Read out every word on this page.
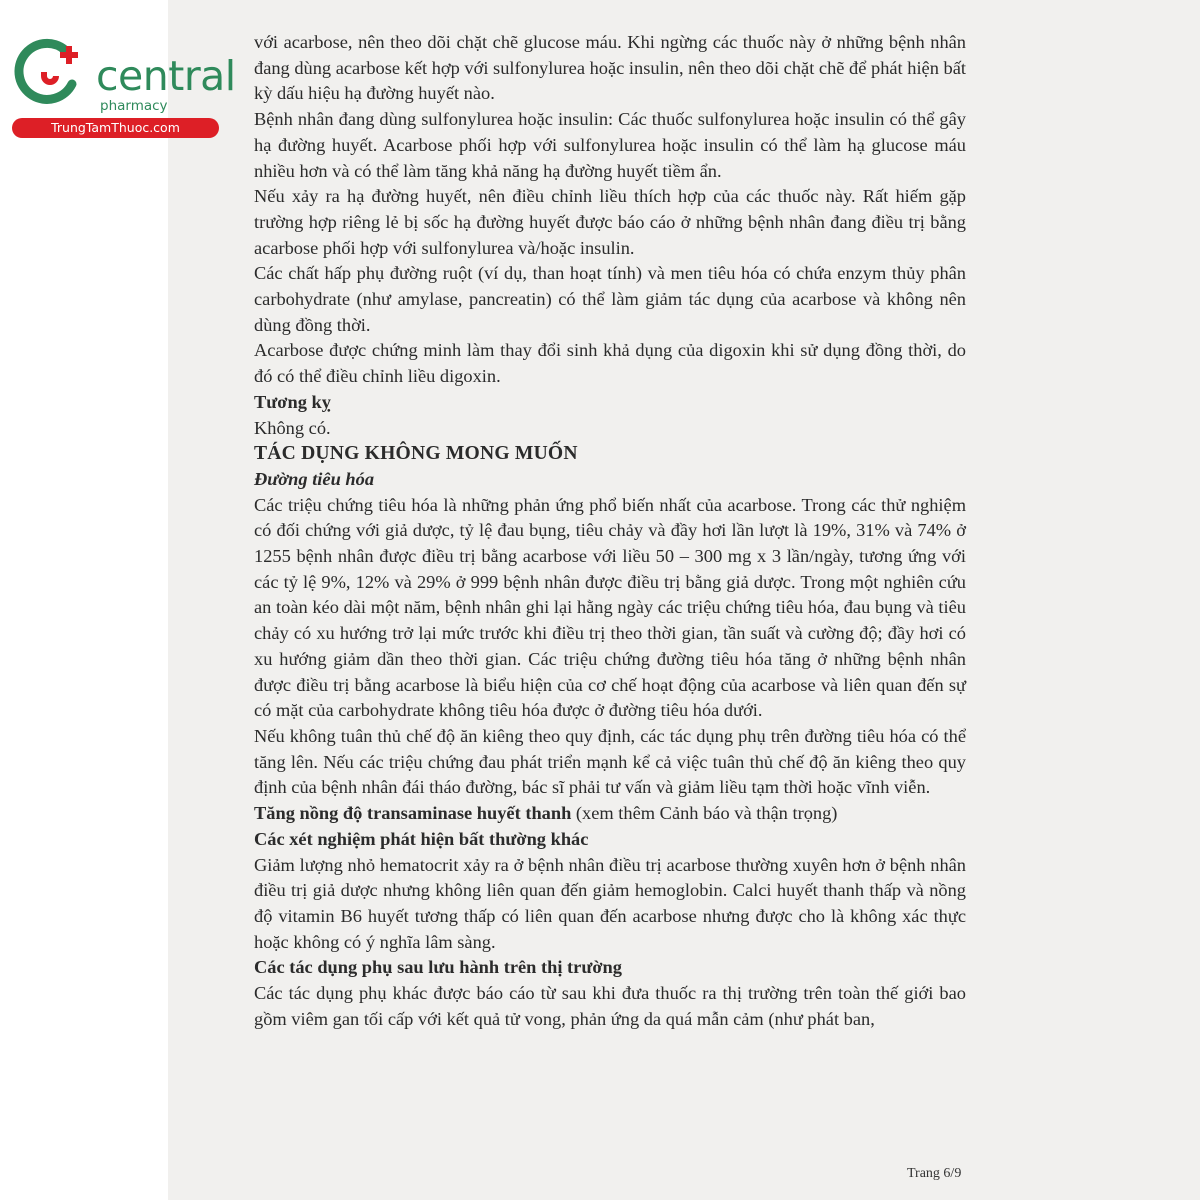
central
pharmacy
TrungTamThuoc.com

với acarbose, nên theo dõi chặt chẽ glucose máu. Khi ngừng các thuốc này ở những bệnh nhân đang dùng acarbose kết hợp với sulfonylurea hoặc insulin, nên theo dõi chặt chẽ để phát hiện bất kỳ dấu hiệu hạ đường huyết nào.

Bệnh nhân đang dùng sulfonylurea hoặc insulin: Các thuốc sulfonylurea hoặc insulin có thể gây hạ đường huyết. Acarbose phối hợp với sulfonylurea hoặc insulin có thể làm hạ glucose máu nhiều hơn và có thể làm tăng khả năng hạ đường huyết tiềm ẩn.

Nếu xảy ra hạ đường huyết, nên điều chỉnh liều thích hợp của các thuốc này. Rất hiếm gặp trường hợp riêng lẻ bị sốc hạ đường huyết được báo cáo ở những bệnh nhân đang điều trị bằng acarbose phối hợp với sulfonylurea và/hoặc insulin.

Các chất hấp phụ đường ruột (ví dụ, than hoạt tính) và men tiêu hóa có chứa enzym thủy phân carbohydrate (như amylase, pancreatin) có thể làm giảm tác dụng của acarbose và không nên dùng đồng thời.

Acarbose được chứng minh làm thay đổi sinh khả dụng của digoxin khi sử dụng đồng thời, do đó có thể điều chỉnh liều digoxin.

Tương kỵ

Không có.

TÁC DỤNG KHÔNG MONG MUỐN

Đường tiêu hóa

Các triệu chứng tiêu hóa là những phản ứng phổ biến nhất của acarbose. Trong các thử nghiệm có đối chứng với giả dược, tỷ lệ đau bụng, tiêu chảy và đầy hơi lần lượt là 19%, 31% và 74% ở 1255 bệnh nhân được điều trị bằng acarbose với liều 50 – 300 mg x 3 lần/ngày, tương ứng với các tỷ lệ 9%, 12% và 29% ở 999 bệnh nhân được điều trị bằng giả dược. Trong một nghiên cứu an toàn kéo dài một năm, bệnh nhân ghi lại hằng ngày các triệu chứng tiêu hóa, đau bụng và tiêu chảy có xu hướng trở lại mức trước khi điều trị theo thời gian, tần suất và cường độ; đầy hơi có xu hướng giảm dần theo thời gian. Các triệu chứng đường tiêu hóa tăng ở những bệnh nhân được điều trị bằng acarbose là biểu hiện của cơ chế hoạt động của acarbose và liên quan đến sự có mặt của carbohydrate không tiêu hóa được ở đường tiêu hóa dưới.

Nếu không tuân thủ chế độ ăn kiêng theo quy định, các tác dụng phụ trên đường tiêu hóa có thể tăng lên. Nếu các triệu chứng đau phát triển mạnh kể cả việc tuân thủ chế độ ăn kiêng theo quy định của bệnh nhân đái tháo đường, bác sĩ phải tư vấn và giảm liều tạm thời hoặc vĩnh viễn.

Tăng nồng độ transaminase huyết thanh (xem thêm Cảnh báo và thận trọng)

Các xét nghiệm phát hiện bất thường khác

Giảm lượng nhỏ hematocrit xảy ra ở bệnh nhân điều trị acarbose thường xuyên hơn ở bệnh nhân điều trị giả dược nhưng không liên quan đến giảm hemoglobin. Calci huyết thanh thấp và nồng độ vitamin B6 huyết tương thấp có liên quan đến acarbose nhưng được cho là không xác thực hoặc không có ý nghĩa lâm sàng.

Các tác dụng phụ sau lưu hành trên thị trường

Các tác dụng phụ khác được báo cáo từ sau khi đưa thuốc ra thị trường trên toàn thế giới bao gồm viêm gan tối cấp với kết quả tử vong, phản ứng da quá mẫn cảm (như phát ban,

Trang 6/9
